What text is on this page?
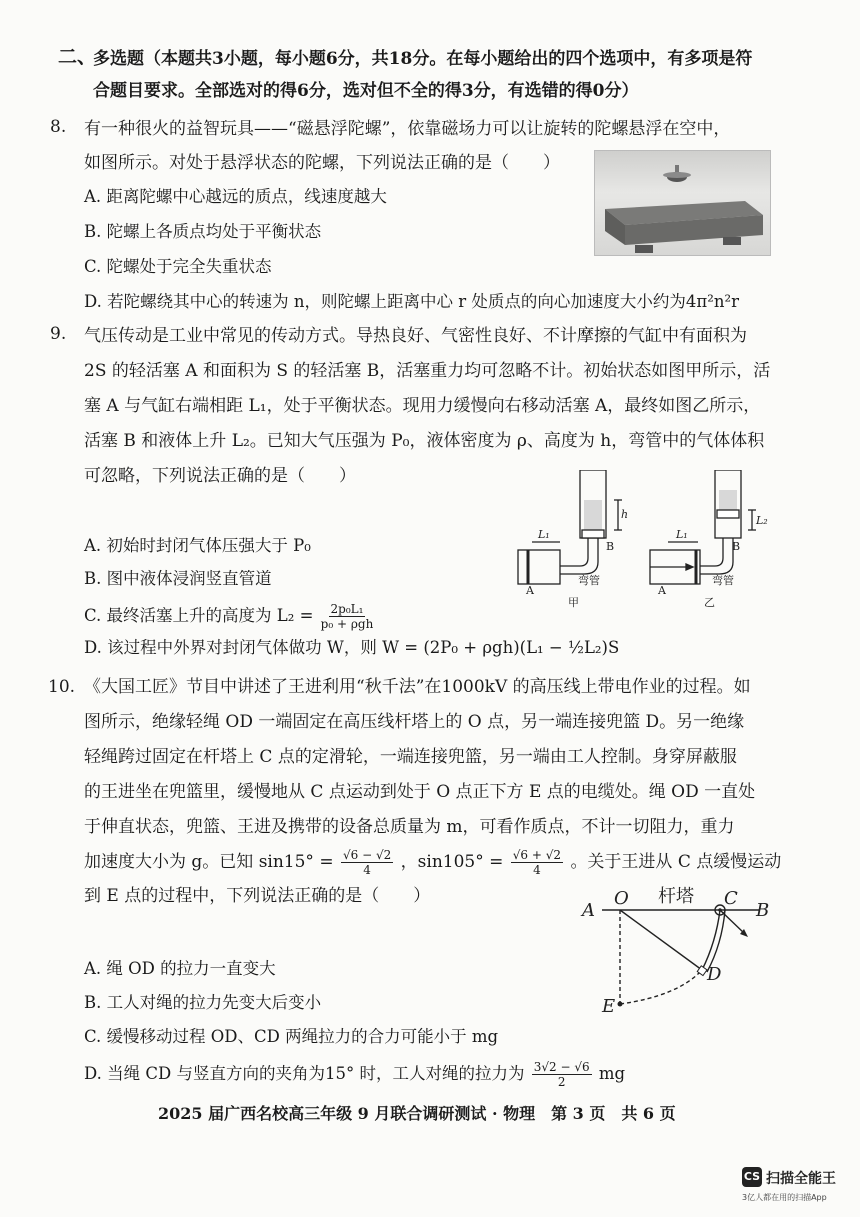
二、
多选题（本题共3小题，每小题6分，共18分。在每小题给出的四个选项中，有多项是符
合题目要求。全部选对的得6分，选对但不全的得3分，有选错的得0分）
8. 有一种很火的益智玩具——“磁悬浮陀螺”，依靠磁场力可以让旋转的陀螺悬浮在空中，
如图所示。对处于悬浮状态的陀螺，下列说法正确的是（　　）
A. 距离陀螺中心越远的质点，线速度越大
B. 陀螺上各质点均处于平衡状态
C. 陀螺处于完全失重状态
D. 若陀螺绕其中心的转速为 n，则陀螺上距离中心 r 处质点的向心加速度大小约为4π²n²r
9. 气压传动是工业中常见的传动方式。导热良好、气密性良好、不计摩擦的气缸中有面积为
2S 的轻活塞 A 和面积为 S 的轻活塞 B，活塞重力均可忽略不计。初始状态如图甲所示，活
塞 A 与气缸右端相距 L₁，处于平衡状态。现用力缓慢向右移动活塞 A，最终如图乙所示，
活塞 B 和液体上升 L₂。已知大气压强为 P₀，液体密度为 ρ、高度为 h，弯管中的气体体积
可忽略，下列说法正确的是（　　）
A. 初始时封闭气体压强大于 P₀
B. 图中液体浸润竖直管道
C. 最终活塞上升的高度为 $L_2 = \frac{\text{2p₀L₁}}{\text{p₀ + ρgh}}$
D. 该过程中外界对封闭气体做功 W，则 W = (2P₀ + ρgh)(L₁ − ½L₂)S
h
L₁
B
A
弯管
甲
L₁
L₂
B
A
弯管
乙
10. 《大国工匠》节目中讲述了王进利用“秋千法”在1000kV 的高压线上带电作业的过程。如
图所示，绝缘轻绳 OD 一端固定在高压线杆塔上的 O 点，另一端连接兜篮 D。另一绝缘
轻绳跨过固定在杆塔上 C 点的定滑轮，一端连接兜篮，另一端由工人控制。身穿屏蔽服
的王进坐在兜篮里，缓慢地从 C 点运动到处于 O 点正下方 E 点的电缆处。绳 OD 一直处
于伸直状态，兜篮、王进及携带的设备总质量为 m，可看作质点，不计一切阻力，重力
加速度大小为 g。已知 $\sin 15^\circ = \frac{√6 - √2}{4}$ ，$\sin 105^\circ = \frac{√6 + √2}{4}$ 。关于王进从 C 点缓慢运动
到 E 点的过程中，下列说法正确的是（　　）
A. 绳 OD 的拉力一直变大
B. 工人对绳的拉力先变大后变小
C. 缓慢移动过程 OD、CD 两绳拉力的合力可能小于 mg
D. 当绳 CD 与竖直方向的夹角为15° 时，工人对绳的拉力为 $\frac{3√2 - √6}{2}$ mg
A
O	C
B
D
E
杆塔
2025 届广西名校高三年级 9 月联合调研测试 · 物理　第 3 页　共 6 页
CS 扫描全能王
3亿人都在用的扫描App
